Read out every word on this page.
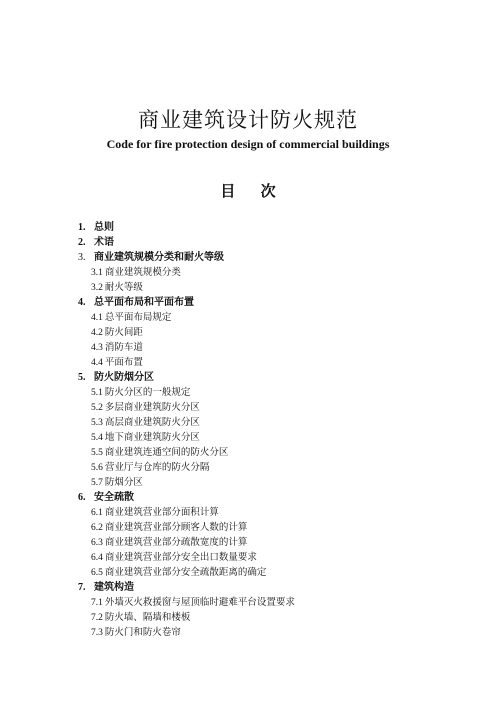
商业建筑设计防火规范
Code for fire protection design of commercial buildings
目 次
1. 总则
2. 术语
3. 商业建筑规模分类和耐火等级
3.1 商业建筑规模分类
3.2 耐火等级
4. 总平面布局和平面布置
4.1 总平面布局规定
4.2 防火间距
4.3 消防车道
4.4 平面布置
5. 防火防烟分区
5.1 防火分区的一般规定
5.2 多层商业建筑防火分区
5.3 高层商业建筑防火分区
5.4 地下商业建筑防火分区
5.5 商业建筑连通空间的防火分区
5.6 营业厅与仓库的防火分隔
5.7 防烟分区
6. 安全疏散
6.1 商业建筑营业部分面积计算
6.2 商业建筑营业部分顾客人数的计算
6.3 商业建筑营业部分疏散宽度的计算
6.4 商业建筑营业部分安全出口数量要求
6.5 商业建筑营业部分安全疏散距离的确定
7. 建筑构造
7.1 外墙灭火救援窗与屋顶临时避难平台设置要求
7.2 防火墙、隔墙和楼板
7.3 防火门和防火卷帘
